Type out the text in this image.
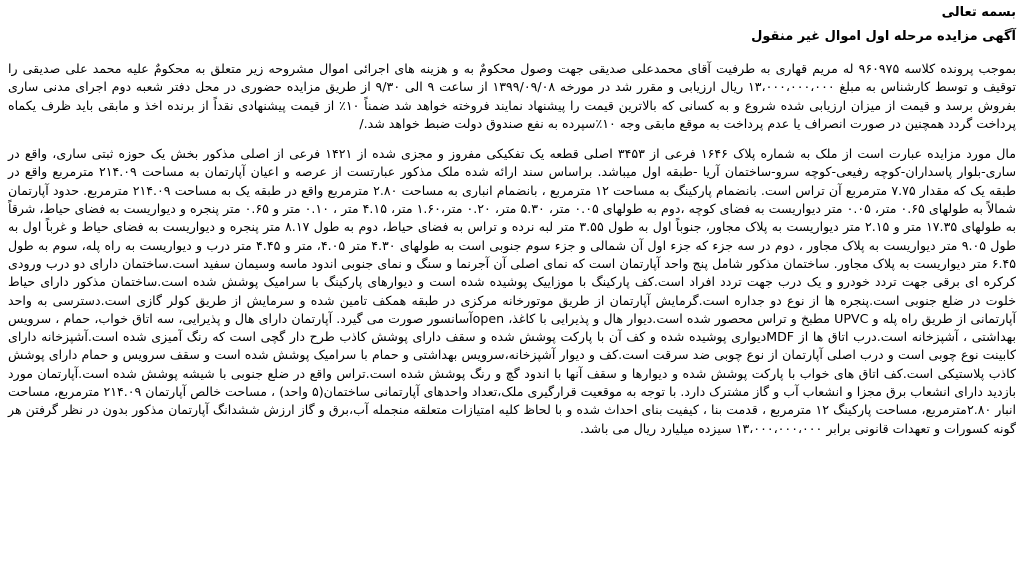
بسمه تعالی
آگهی مزایده مرحله اول اموال غیر منقول

بموجب پرونده کلاسه ۹۶۰۹۷۵ له مریم قهاری به طرفیت آقای محمدعلی صدیقی جهت وصول محکومٌ به و هزینه های اجرائی اموال مشروحه زیر متعلق به محکومٌ علیه محمد علی صدیقی را توقیف و توسط کارشناس به مبلغ ۱۳،۰۰۰،۰۰۰،۰۰۰ ریال ارزیابی و مقرر شد در مورخه ۱۳۹۹/۰۹/۰۸ از ساعت ۹ الی ۹/۳۰ از طریق مزایده حضوری در محل دفتر شعبه دوم اجرای مدنی ساری بفروش برسد و قیمت از میزان ارزیابی شده شروع و به کسانی که بالاترین قیمت را پیشنهاد نمایند فروخته خواهد شد ضمناً ۱۰٪ از قیمت پیشنهادی نقداً از برنده اخذ و مابقی باید ظرف یکماه پرداخت گردد همچنین در صورت انصراف یا عدم پرداخت به موقع مابقی وجه ۱۰٪سپرده به نفع صندوق دولت ضبط خواهد شد./

مال مورد مزایده عبارت است از ملک به شماره پلاک ۱۶۴۶ فرعی از ۳۴۵۳ اصلی قطعه یک تفکیکی مفروز و مجزی شده از ۱۴۲۱ فرعی از اصلی مذکور بخش یک حوزه ثبتی ساری، واقع در ساری-بلوار پاسداران-کوچه رفیعی-کوچه سرو-ساختمان آریا -طبقه اول میباشد. براساس سند ارائه شده ملک مذکور عبارتست از عرصه و اعیان آپارتمان به مساحت ۲۱۴.۰۹ مترمربع واقع در طبقه یک که مقدار ۷.۷۵ مترمربع آن تراس است. بانضمام پارکینگ به مساحت ۱۲ مترمربع ، بانضمام انباری به مساحت ۲.۸۰ مترمربع واقع در طبقه یک به مساحت ۲۱۴.۰۹ مترمربع. حدود آپارتمان شمالاً به طولهای ۰.۶۵ متر، ۰.۰۵ متر دیواریست به فضای کوچه ،دوم به طولهای ۰.۰۵ متر، ۵.۳۰ متر، ۰.۲۰ متر،۱.۶۰ متر، ۴.۱۵ متر ، ۰.۱۰ متر و ۰.۶۵ متر پنجره و دیواریست به فضای حیاط، شرقاً به طولهای ۱۷.۳۵ متر و ۲.۱۵ متر دیواریست به پلاک مجاور، جنوباً اول به طول ۳.۵۵ متر لبه نرده و تراس به فضای حیاط، دوم به طول ۸.۱۷ متر پنجره و دیواریست به فضای حیاط و غرباً اول به طول ۹.۰۵ متر دیواریست به پلاک مجاور ، دوم در سه جزء که جزء اول آن شمالی و جزء سوم جنوبی است به طولهای ۴.۳۰ متر ۴.۰۵، متر و ۴.۴۵ متر درب و دیواریست به راه پله، سوم به طول ۶.۴۵ متر دیواریست به پلاک مجاور. ساختمان مذکور شامل پنج واحد آپارتمان است که نمای اصلی آن آجرنما و سنگ و نمای جنوبی اندود ماسه وسیمان سفید است.ساختمان دارای دو درب ورودی کرکره ای برقی جهت تردد خودرو و یک درب جهت تردد افراد است.کف پارکینگ با موزاییک پوشیده شده است و دیوارهای پارکینگ با سرامیک پوشش شده است.ساختمان مذکور دارای حیاط خلوت در ضلع جنوبی است.پنجره ها از نوع دو جداره است.گرمایش آپارتمان از طریق موتورخانه مرکزی در طبقه همکف تامین شده و سرمایش از طریق کولر گازی است.دسترسی به واحد آپارتمانی از طریق راه پله و UPVC مطبخ و تراس محصور شده است.دیوار هال و پذیرایی با کاغذ، openآسانسور صورت می گیرد. آپارتمان دارای هال و پذیرایی، سه اتاق خواب، حمام ، سرویس بهداشتی ، آشپزخانه است.درب اتاق ها از MDFدیواری پوشیده شده و کف آن با پارکت پوشش شده و سقف دارای پوشش کاذب طرح دار گچی است که رنگ آمیزی شده است.آشپزخانه دارای کابینت نوع چوبی است و درب اصلی آپارتمان از نوع چوبی ضد سرقت است.کف و دیوار آشپزخانه،سرویس بهداشتی و حمام با سرامیک پوشش شده است و سقف سرویس و حمام دارای پوشش کاذب پلاستیکی است.کف اتاق های خواب با پارکت پوشش شده و دیوارها و سقف آنها با اندود گچ و رنگ پوشش شده است.تراس واقع در ضلع جنوبی با شیشه پوشش شده است.آپارتمان مورد بازدید دارای انشعاب برق مجزا و انشعاب آب و گاز مشترک دارد. با توجه به موقعیت قرارگیری ملک،تعداد واحدهای آپارتمانی ساختمان(۵ واحد) ، مساحت خالص آپارتمان ۲۱۴.۰۹ مترمربع، مساحت انبار ۲.۸۰مترمربع، مساحت پارکینگ ۱۲ مترمربع ، قدمت بنا ، کیفیت بنای احداث شده و با لحاظ کلیه امتیازات متعلقه منجمله آب،برق و گاز ارزش ششدانگ آپارتمان مذکور بدون در نظر گرفتن هر گونه کسورات و تعهدات قانونی برابر ۱۳،۰۰۰،۰۰۰،۰۰۰ سیزده میلیارد ریال می باشد.
